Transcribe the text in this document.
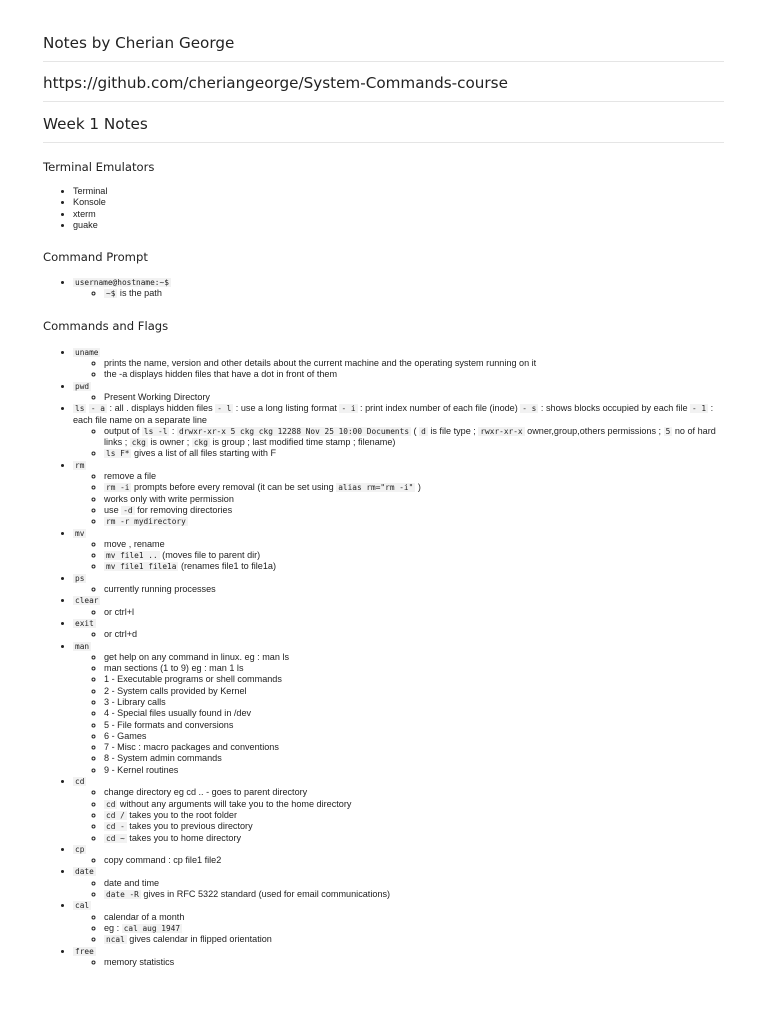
Notes by Cherian George
https://github.com/cheriangeorge/System-Commands-course
Week 1 Notes
Terminal Emulators
• Terminal
• Konsole
• xterm
• guake
Command Prompt
• username@hostname:~$
◦ ~$ is the path
Commands and Flags
• uname
◦ prints the name, version and other details about the current machine and the operating system running on it
◦ the -a displays hidden files that have a dot in front of them
• pwd
◦ Present Working Directory
• ls - a : all . displays hidden files - l : use a long listing format - i : print index number of each file (inode) - s : shows blocks occupied by each file - 1 : each file name on a separate line
◦ output of ls -l : drwxr-xr-x 5 ckg ckg 12288 Nov 25 10:00 Documents ( d is file type ; rwxr-xr-x owner,group,others permissions ; 5 no of hard links ; ckg is owner ; ckg is group ; last modified time stamp ; filename)
◦ ls F* gives a list of all files starting with F
• rm
◦ remove a file
◦ rm -i prompts before every removal (it can be set using alias rm="rm -i" )
◦ works only with write permission
◦ use -d for removing directories
◦ rm -r mydirectory
• mv
◦ move , rename
◦ mv file1 .. (moves file to parent dir)
◦ mv file1 file1a (renames file1 to file1a)
• ps
◦ currently running processes
• clear
◦ or ctrl+l
• exit
◦ or ctrl+d
• man
◦ get help on any command in linux. eg : man ls
◦ man sections (1 to 9) eg : man 1 ls
◦ 1 - Executable programs or shell commands
◦ 2 - System calls provided by Kernel
◦ 3 - Library calls
◦ 4 - Special files usually found in /dev
◦ 5 - File formats and conversions
◦ 6 - Games
◦ 7 - Misc : macro packages and conventions
◦ 8 - System admin commands
◦ 9 - Kernel routines
• cd
◦ change directory eg cd .. - goes to parent directory
◦ cd without any arguments will take you to the home directory
◦ cd / takes you to the root folder
◦ cd - takes you to previous directory
◦ cd ~ takes you to home directory
• cp
◦ copy command : cp file1 file2
• date
◦ date and time
◦ date -R gives in RFC 5322 standard (used for email communications)
• cal
◦ calendar of a month
◦ eg : cal aug 1947
◦ ncal gives calendar in flipped orientation
• free
◦ memory statistics
